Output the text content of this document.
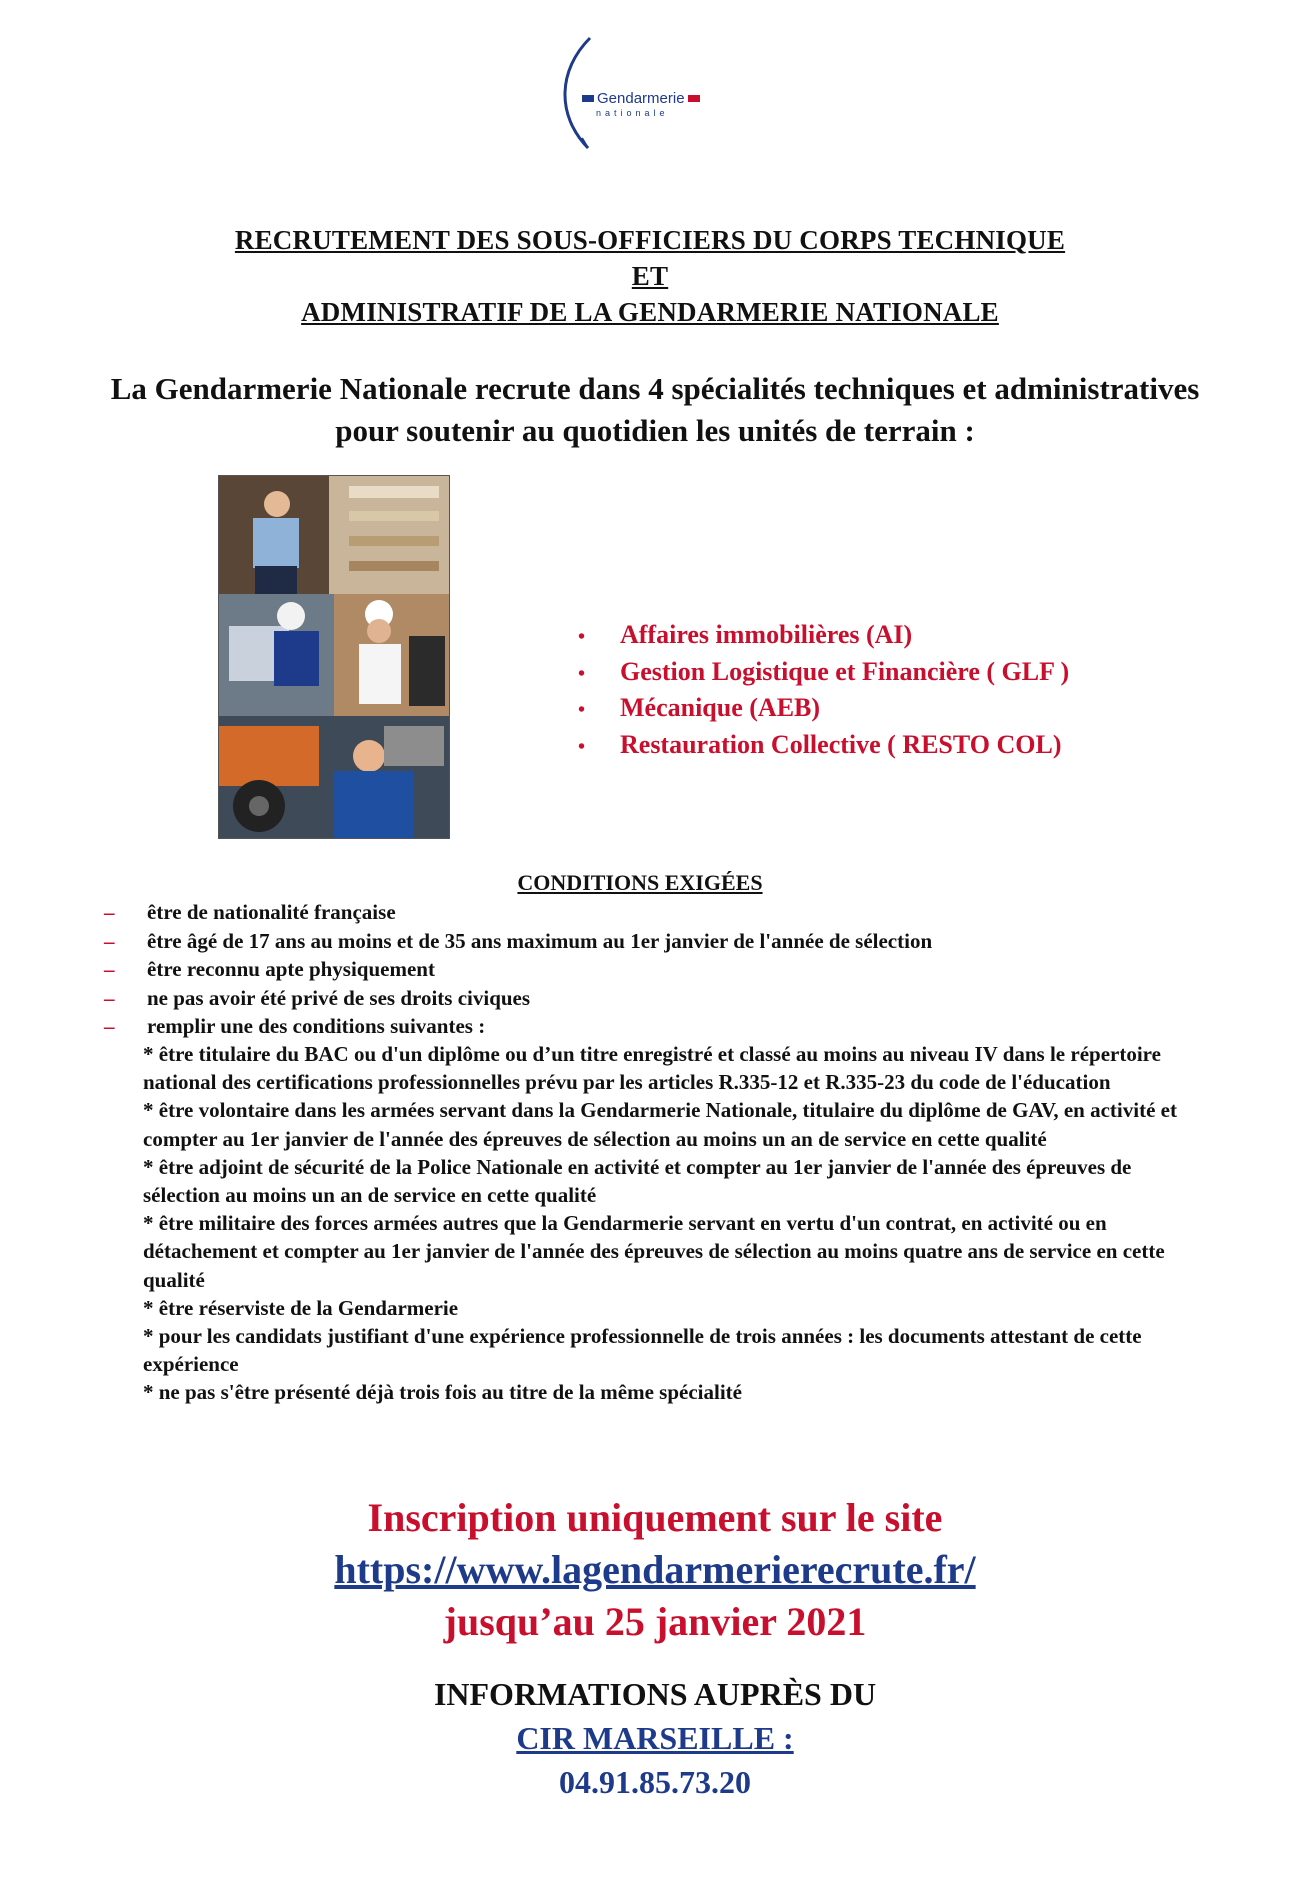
Gendarmerie
nationale

RECRUTEMENT DES SOUS-OFFICIERS DU CORPS TECHNIQUE

ET

ADMINISTRATIF DE LA GENDARMERIE NATIONALE

La Gendarmerie Nationale recrute dans 4 spécialités techniques et administratives pour soutenir au quotidien les unités de terrain :
•	Affaires immobilières (AI)
•	Gestion Logistique et Financière ( GLF )
•	Mécanique (AEB)
•	Restauration Collective ( RESTO COL)
CONDITIONS EXIGÉES
–	être de nationalité française
–	être âgé de 17 ans au moins et de 35 ans maximum au 1er janvier de l'année de sélection
–	être reconnu apte physiquement
–	ne pas avoir été privé de ses droits civiques
–	remplir une des conditions suivantes :
* être titulaire du BAC ou d'un diplôme ou d’un titre enregistré et classé au moins au niveau IV dans le répertoire national des certifications professionnelles prévu par les articles R.335-12 et R.335-23 du code de l'éducation
* être volontaire dans les armées servant dans la Gendarmerie Nationale, titulaire du diplôme de GAV, en activité et compter au 1er janvier de l'année des épreuves de sélection au moins un an de service en cette qualité
* être adjoint de sécurité de la Police Nationale en activité et compter au 1er janvier de l'année des épreuves de sélection au moins un an de service en cette qualité
* être militaire des forces armées autres que la Gendarmerie servant en vertu d'un contrat, en activité ou en détachement et compter au 1er janvier de l'année des épreuves de sélection au moins quatre ans de service en cette qualité
* être réserviste de la Gendarmerie
* pour les candidats justifiant d'une expérience professionnelle de trois années : les documents attestant de cette expérience
* ne pas s'être présenté déjà trois fois au titre de la même spécialité
Inscription uniquement sur le site
https://www.lagendarmerierecrute.fr/
jusqu’au 25 janvier 2021
INFORMATIONS AUPRÈS DU
CIR MARSEILLE :
04.91.85.73.20
